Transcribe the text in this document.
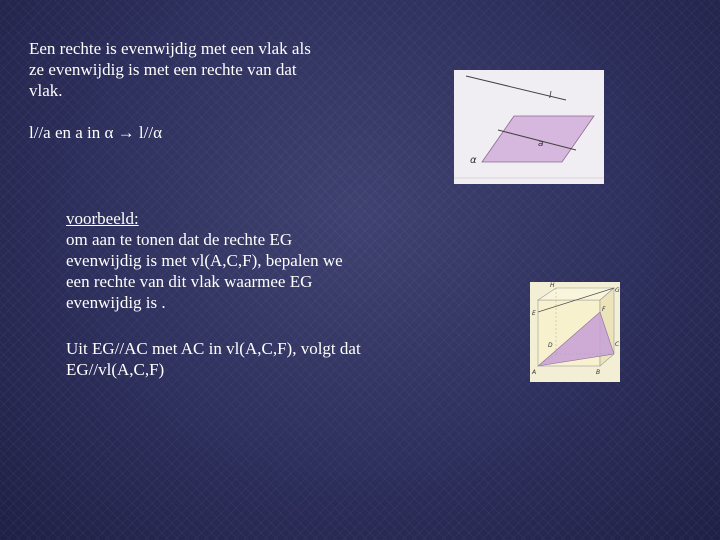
Een rechte is evenwijdig met een vlak als
ze evenwijdig is met een rechte van dat
vlak.
l//a en a in α → l//α
voorbeeld:
om aan te tonen dat de rechte EG
evenwijdig is met vl(A,C,F), bepalen we
een rechte van dit vlak waarmee EG
evenwijdig is .
Uit EG//AC met AC in vl(A,C,F), volgt dat
EG//vl(A,C,F)
l
a
α
H
G
E
F
D	C
A	B
